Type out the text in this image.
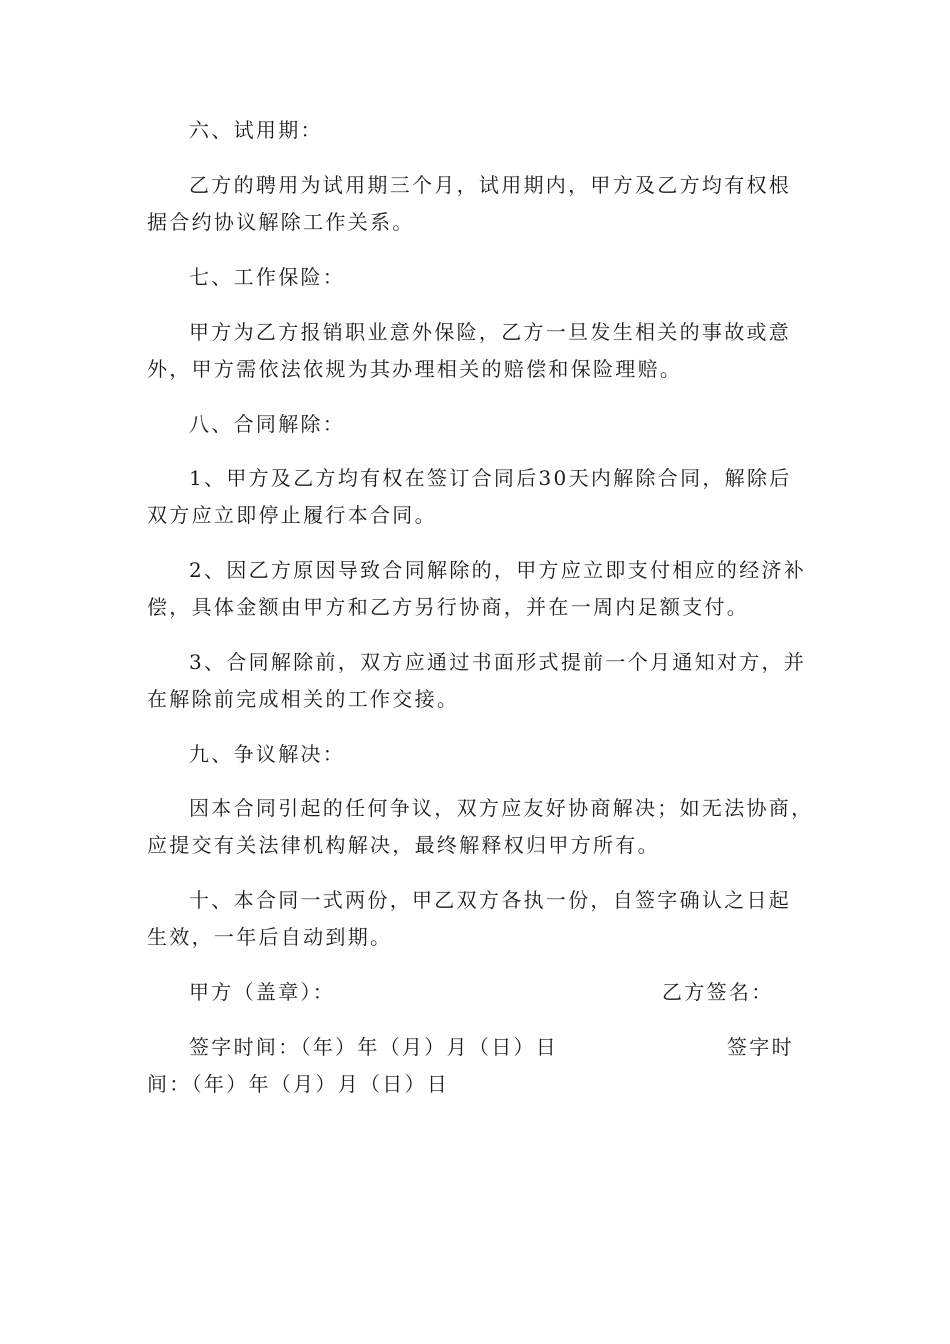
六、试用期：
乙方的聘用为试用期三个月，试用期内，甲方及乙方均有权根
据合约协议解除工作关系。
七、工作保险：
甲方为乙方报销职业意外保险，乙方一旦发生相关的事故或意
外，甲方需依法依规为其办理相关的赔偿和保险理赔。
八、合同解除：
1、甲方及乙方均有权在签订合同后30天内解除合同，解除后
双方应立即停止履行本合同。
2、因乙方原因导致合同解除的，甲方应立即支付相应的经济补
偿，具体金额由甲方和乙方另行协商，并在一周内足额支付。
3、合同解除前，双方应通过书面形式提前一个月通知对方，并
在解除前完成相关的工作交接。
九、争议解决：
因本合同引起的任何争议，双方应友好协商解决；如无法协商，
应提交有关法律机构解决，最终解释权归甲方所有。
十、本合同一式两份，甲乙双方各执一份，自签字确认之日起
生效，一年后自动到期。
甲方（盖章）：	乙方签名：
签字时间：（年）年（月）月（日）日	签字时
间：（年）年（月）月（日）日
